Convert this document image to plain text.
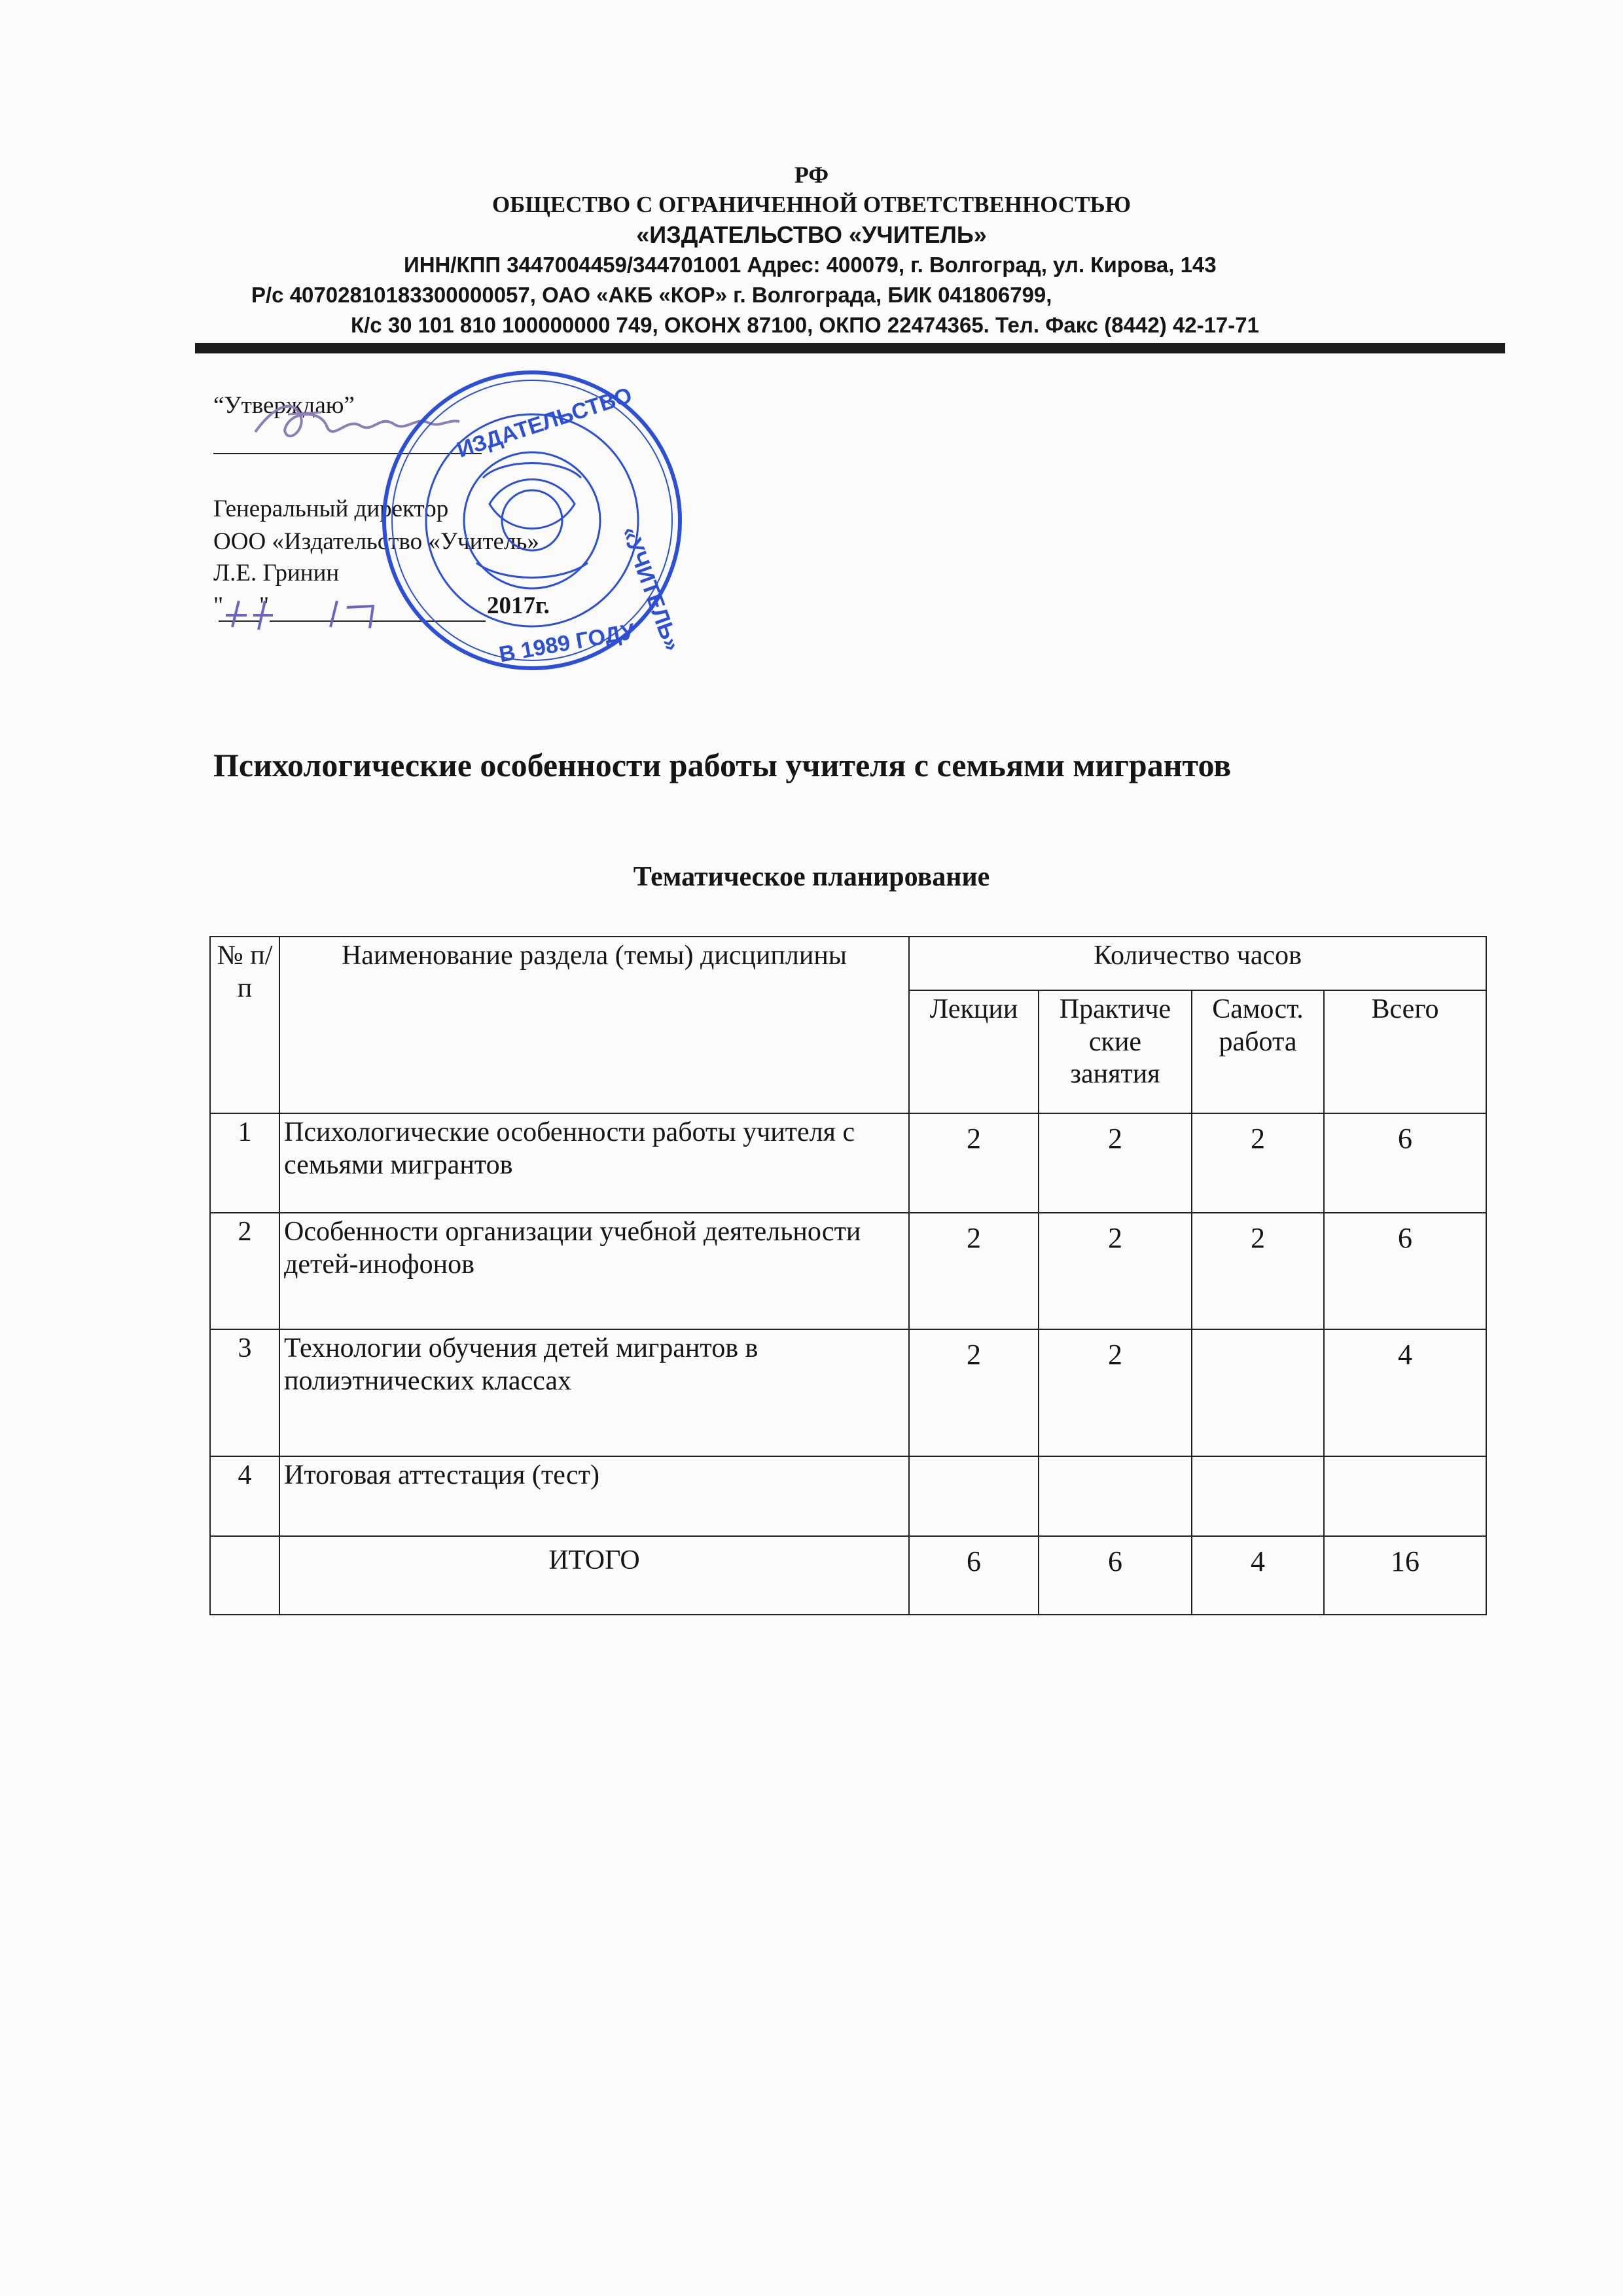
РФ
ОБЩЕСТВО С ОГРАНИЧЕННОЙ ОТВЕТСТВЕННОСТЬЮ
«ИЗДАТЕЛЬСТВО «УЧИТЕЛЬ»
ИНН/КПП 3447004459/344701001 Адрес: 400079, г. Волгоград, ул. Кирова, 143
Р/с 40702810183300000057, ОАО «АКБ «КОР» г. Волгограда, БИК 041806799,
К/с 30 101 810 100000000 749, ОКОНХ 87100, ОКПО 22474365. Тел. Факс (8442) 42-17-71
“Утверждаю”
Генеральный директор
ООО «Издательство «Учитель»
Л.Е. Гринин
" "	2017г.
ИЗДАТЕЛЬСТВО
«УЧИТЕЛЬ»
В 1989 ГОДУ
Психологические особенности работы учителя с семьями мигрантов
Тематическое планирование
№ п/п	Наименование раздела (темы) дисциплины	Количество часов			
		Лекции	Практиче ские занятия	Самост. работа	Всего
1	Психологические особенности работы учителя с семьями мигрантов	2	2	2	6
2	Особенности организации учебной деятельности детей-инофонов	2	2	2	6
3	Технологии обучения детей мигрантов в полиэтнических классах	2	2		4
4	Итоговая аттестация (тест)				
	ИТОГО	6	6	4	16
